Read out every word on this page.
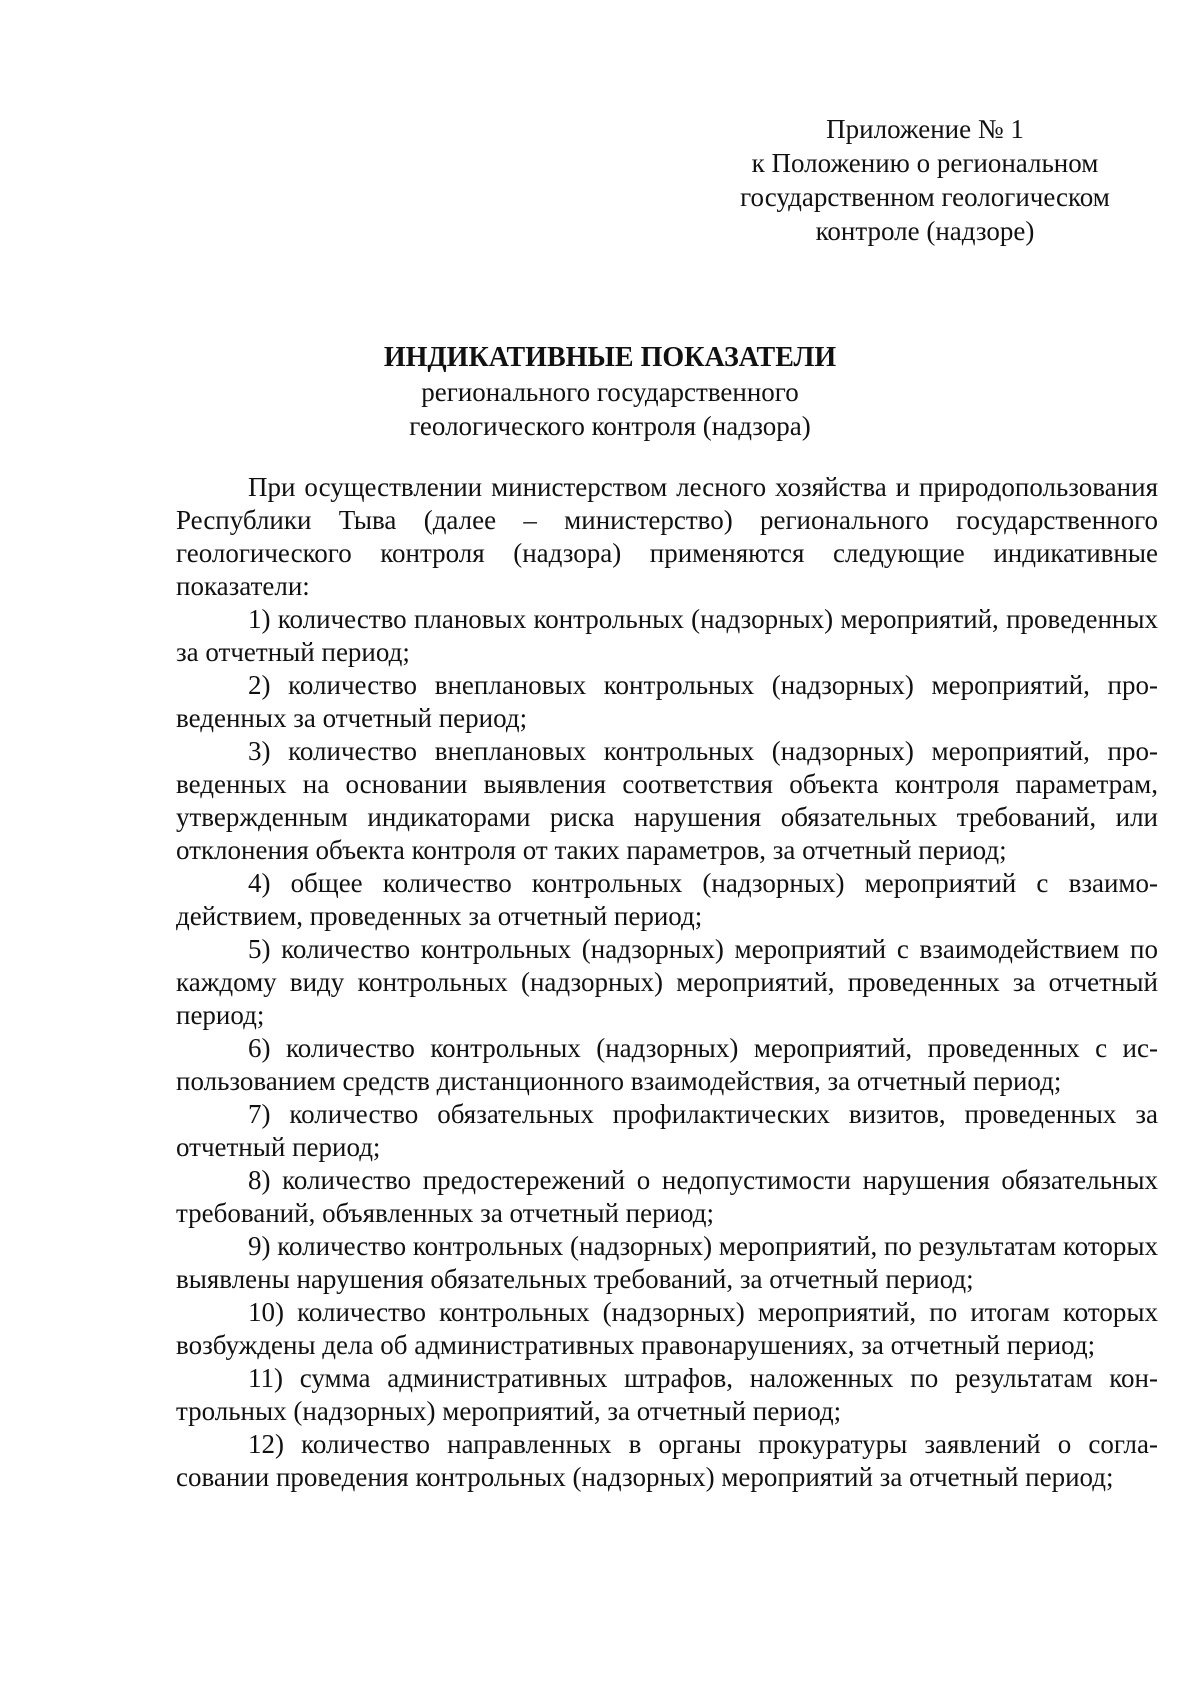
Приложение № 1
к Положению о региональном
государственном геологическом
контроле (надзоре)
ИНДИКАТИВНЫЕ ПОКАЗАТЕЛИ
регионального государственного
геологического контроля (надзора)

При осуществлении министерством лесного хозяйства и природопользования Республики Тыва (далее – министерство) регионального государственного геологического контроля (надзора) применяются следующие индикативные показатели:

1) количество плановых контрольных (надзорных) мероприятий, проведенных за отчетный период;

2) количество внеплановых контрольных (надзорных) мероприятий, проведенных за отчетный период;

3) количество внеплановых контрольных (надзорных) мероприятий, проведенных на основании выявления соответствия объекта контроля параметрам, утвержденным индикаторами риска нарушения обязательных требований, или отклонения объекта контроля от таких параметров, за отчетный период;

4) общее количество контрольных (надзорных) мероприятий с взаимодействием, проведенных за отчетный период;

5) количество контрольных (надзорных) мероприятий с взаимодействием по каждому виду контрольных (надзорных) мероприятий, проведенных за отчетный период;

6) количество контрольных (надзорных) мероприятий, проведенных с использованием средств дистанционного взаимодействия, за отчетный период;

7) количество обязательных профилактических визитов, проведенных за отчетный период;

8) количество предостережений о недопустимости нарушения обязательных требований, объявленных за отчетный период;

9) количество контрольных (надзорных) мероприятий, по результатам которых выявлены нарушения обязательных требований, за отчетный период;

10) количество контрольных (надзорных) мероприятий, по итогам которых возбуждены дела об административных правонарушениях, за отчетный период;

11) сумма административных штрафов, наложенных по результатам контрольных (надзорных) мероприятий, за отчетный период;

12) количество направленных в органы прокуратуры заявлений о согласовании проведения контрольных (надзорных) мероприятий за отчетный период;
